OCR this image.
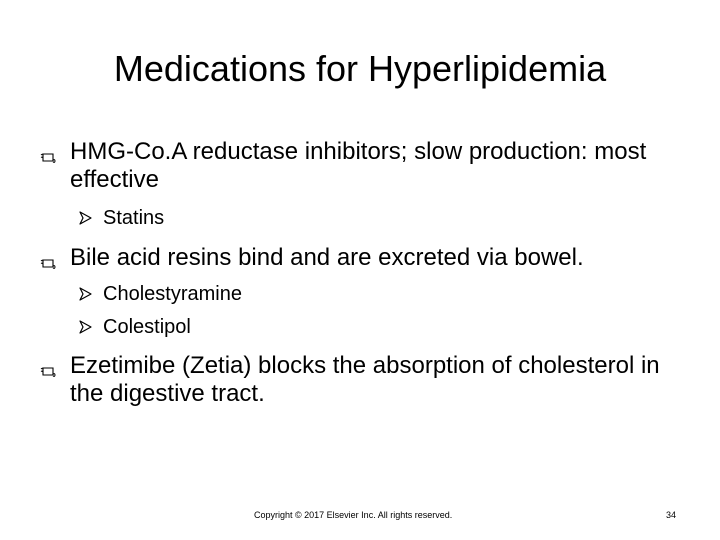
Medications for Hyperlipidemia
HMG-Co.A reductase inhibitors; slow production: most effective
Statins
Bile acid resins bind and are excreted via bowel.
Cholestyramine
Colestipol
Ezetimibe (Zetia) blocks the absorption of cholesterol in the digestive tract.
Copyright © 2017 Elsevier Inc. All rights reserved.	34
